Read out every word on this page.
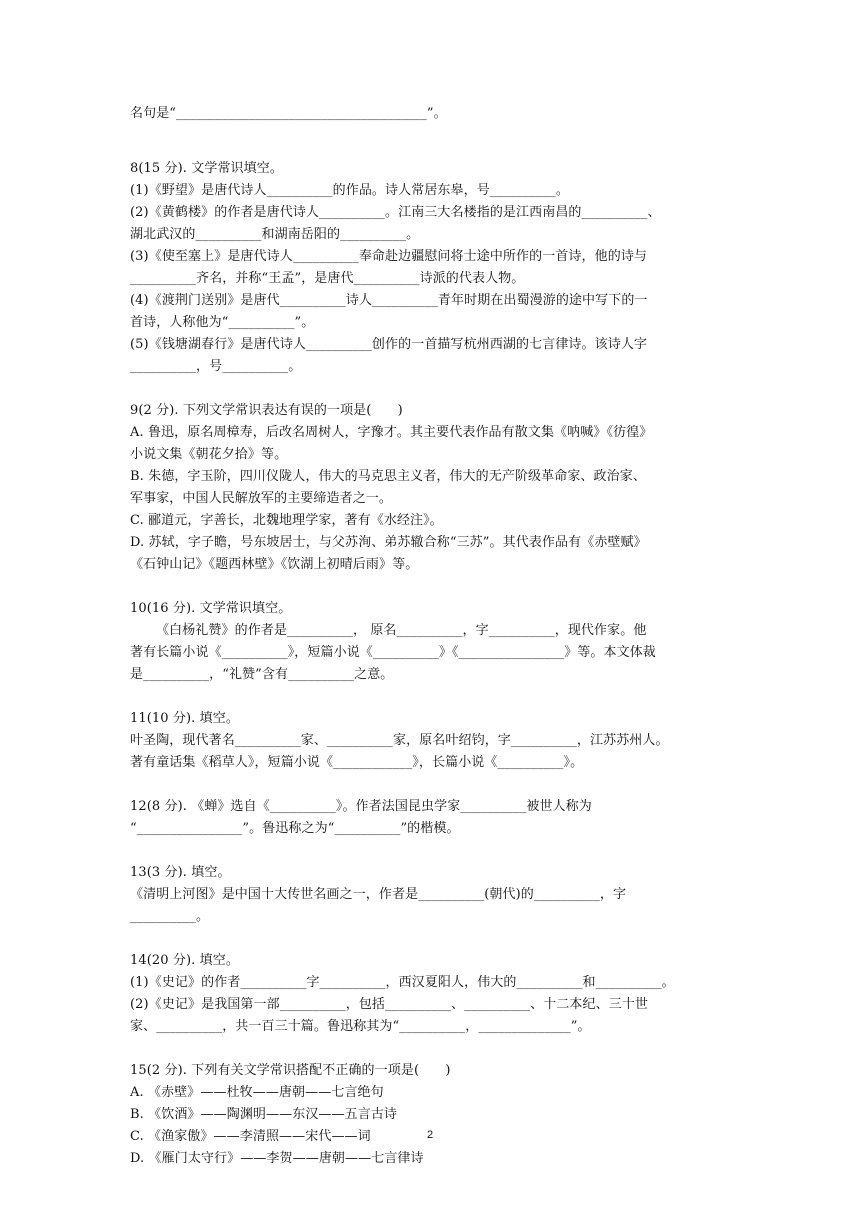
名句是“______________________________________”。
8(15 分). 文学常识填空。
(1)《野望》是唐代诗人__________的作品。诗人常居东皋，号__________。
(2)《黄鹤楼》的作者是唐代诗人__________。江南三大名楼指的是江西南昌的__________、
湖北武汉的__________和湖南岳阳的__________。
(3)《使至塞上》是唐代诗人__________奉命赴边疆慰问将士途中所作的一首诗，他的诗与
__________齐名，并称“王孟”，是唐代__________诗派的代表人物。
(4)《渡荆门送别》是唐代__________诗人__________青年时期在出蜀漫游的途中写下的一
首诗，人称他为“__________”。
(5)《钱塘湖春行》是唐代诗人__________创作的一首描写杭州西湖的七言律诗。该诗人字
__________，号__________。
9(2 分). 下列文学常识表达有误的一项是(　　)
A. 鲁迅，原名周樟寿，后改名周树人，字豫才。其主要代表作品有散文集《呐喊》《彷徨》
小说文集《朝花夕拾》等。
B. 朱德，字玉阶，四川仪陇人，伟大的马克思主义者，伟大的无产阶级革命家、政治家、
军事家，中国人民解放军的主要缔造者之一。
C. 郦道元，字善长，北魏地理学家，著有《水经注》。
D. 苏轼，字子瞻，号东坡居士，与父苏洵、弟苏辙合称“三苏”。其代表作品有《赤壁赋》
《石钟山记》《题西林壁》《饮湖上初晴后雨》等。
10(16 分). 文学常识填空。
《白杨礼赞》的作者是__________， 原名__________，字__________，现代作家。他
著有长篇小说《__________》，短篇小说《__________》《________________》等。本文体裁
是__________，“礼赞”含有__________之意。
11(10 分). 填空。
叶圣陶，现代著名__________家、__________家，原名叶绍钧，字__________，江苏苏州人。
著有童话集《稻草人》，短篇小说《____________》，长篇小说《__________》。
12(8 分). 《蝉》选自《__________》。作者法国昆虫学家__________被世人称为
“________________”。鲁迅称之为“__________”的楷模。
13(3 分). 填空。
《清明上河图》是中国十大传世名画之一，作者是__________(朝代)的__________，字
__________。
14(20 分). 填空。
(1)《史记》的作者__________字__________，西汉夏阳人，伟大的__________和__________。
(2)《史记》是我国第一部__________，包括__________、__________、十二本纪、三十世
家、__________，共一百三十篇。鲁迅称其为“__________，______________”。
15(2 分). 下列有关文学常识搭配不正确的一项是(　　)
A. 《赤壁》——杜牧——唐朝——七言绝句
B. 《饮酒》——陶渊明——东汉——五言古诗
C. 《渔家傲》——李清照——宋代——词
D. 《雁门太守行》——李贺——唐朝——七言律诗
2
